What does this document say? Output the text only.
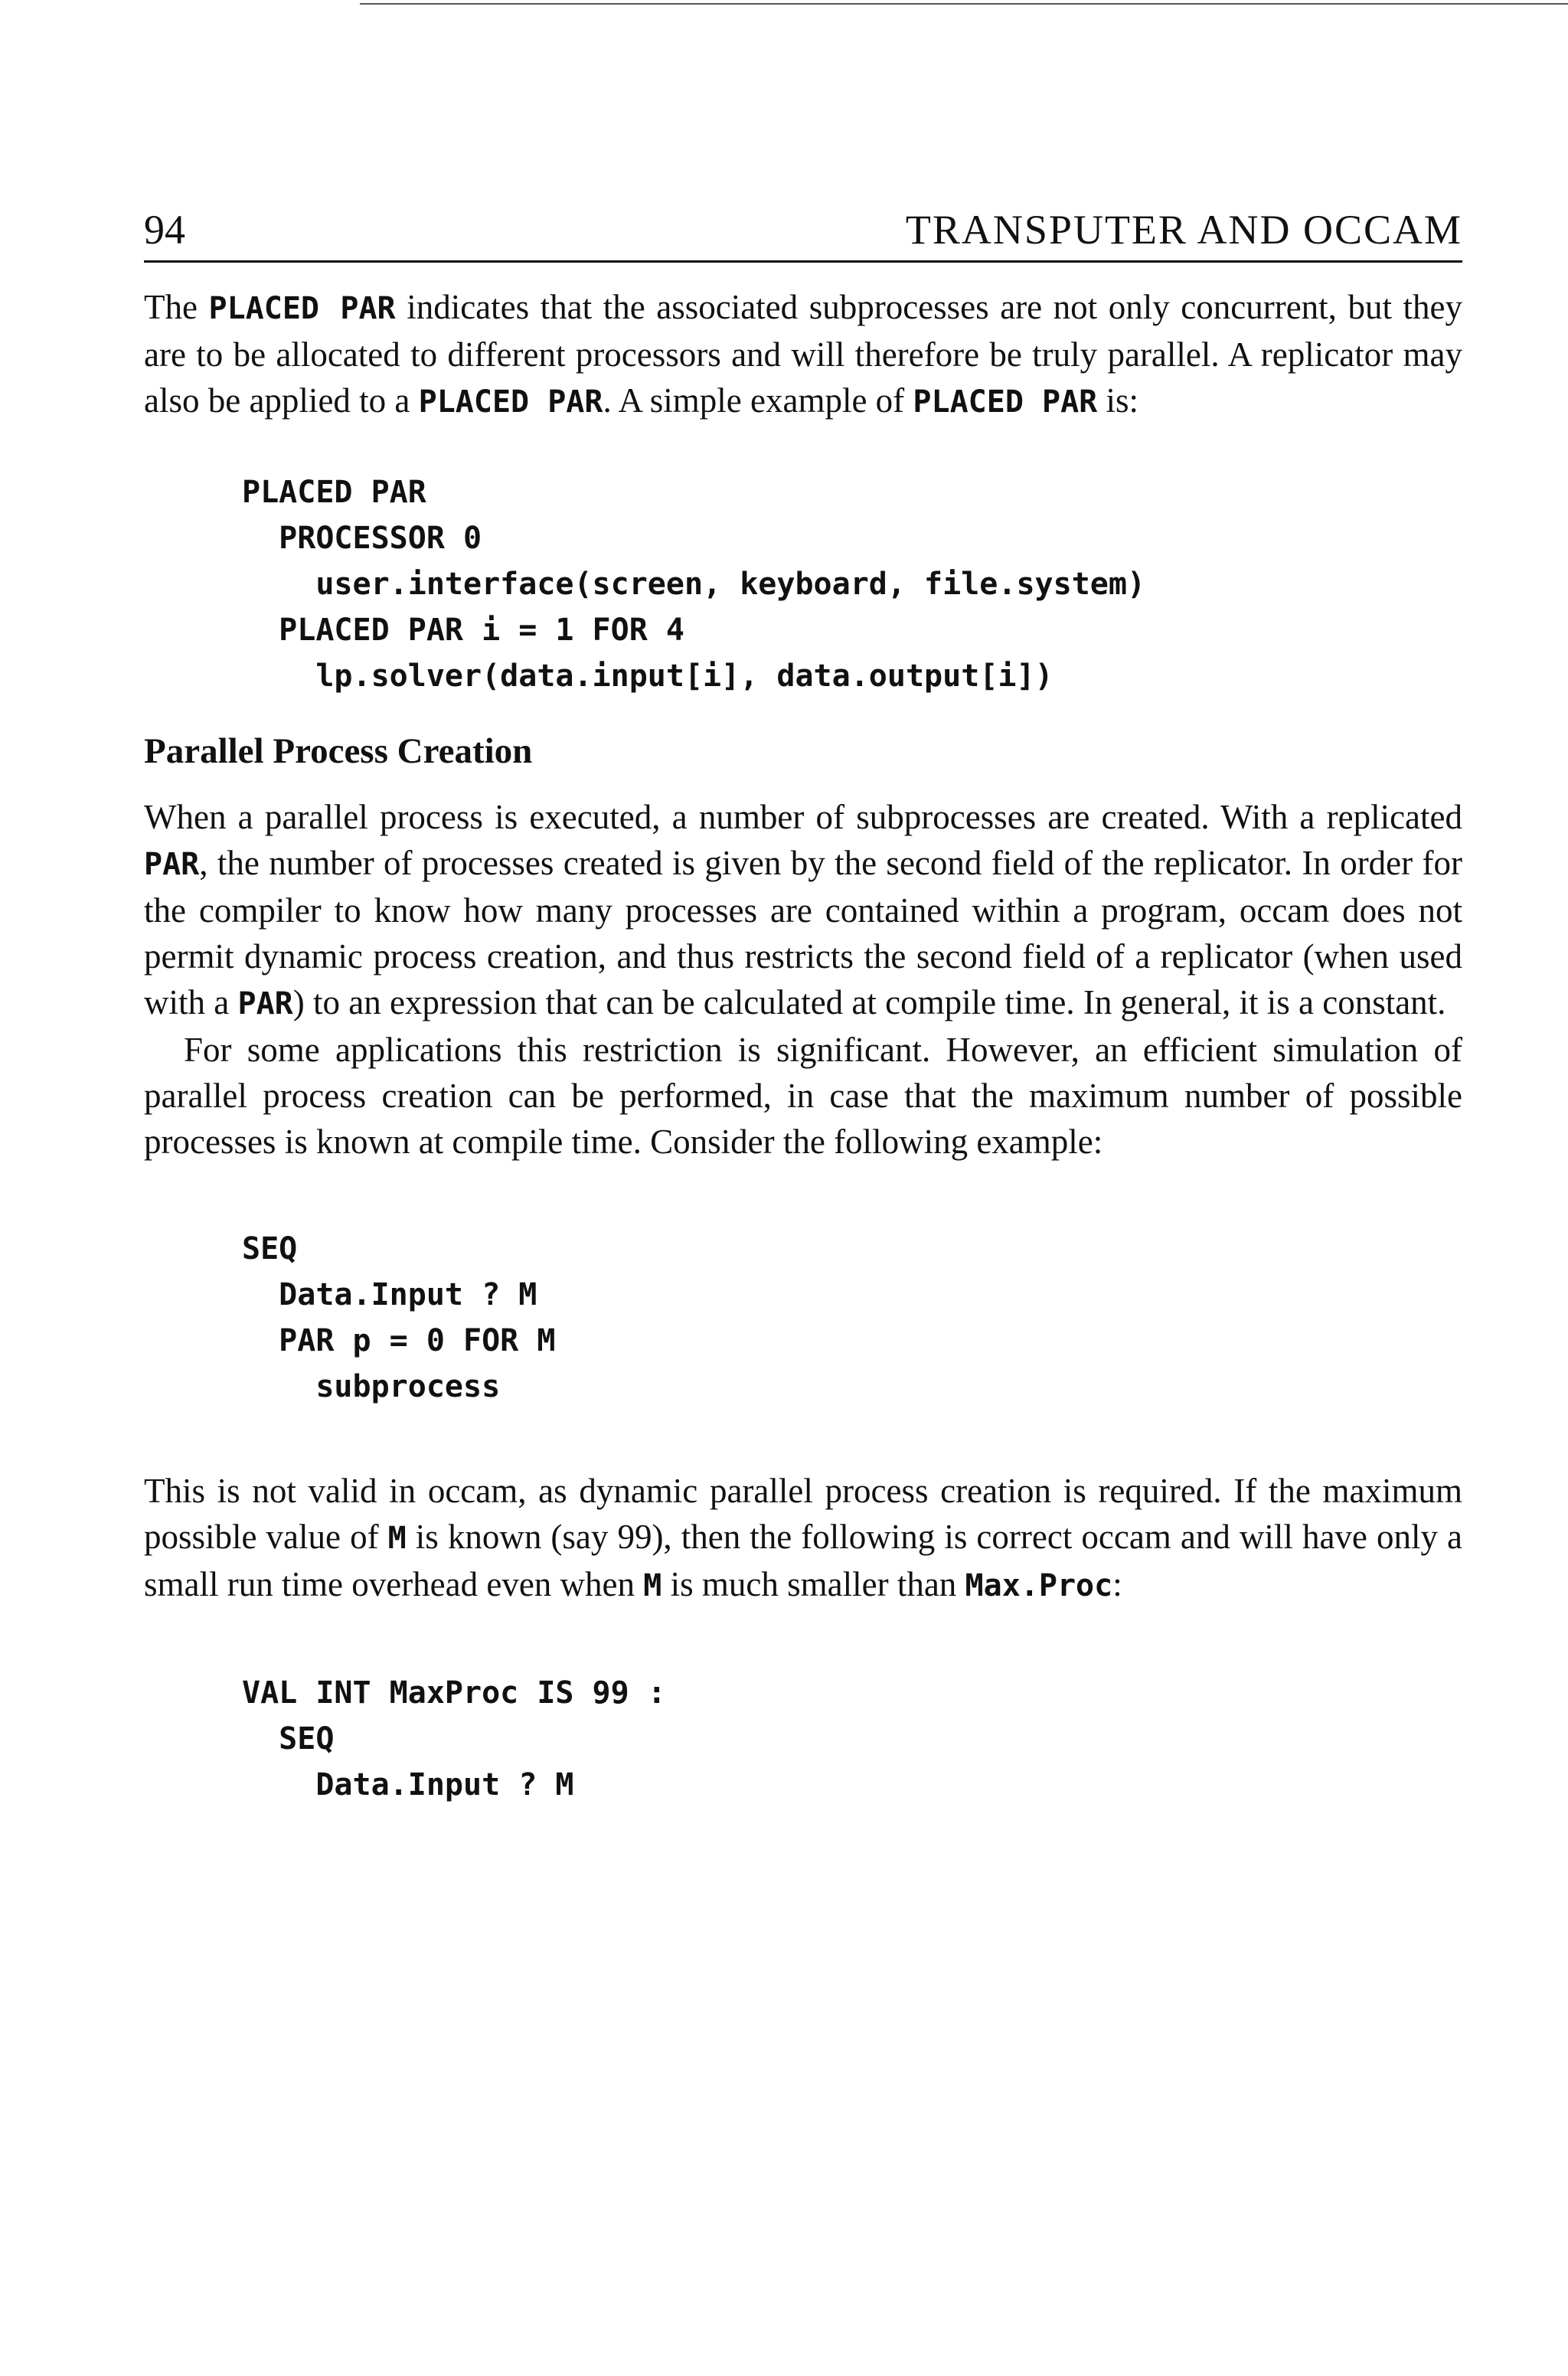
94	TRANSPUTER AND OCCAM

The PLACED PAR indicates that the associated subprocesses are not only concurrent, but they are to be allocated to different processors and will therefore be truly parallel. A replicator may also be applied to a PLACED PAR. A simple example of PLACED PAR is:

PLACED PAR
PROCESSOR 0
user.interface(screen, keyboard, file.system)
PLACED PAR i = 1 FOR 4
lp.solver(data.input[i], data.output[i])
Parallel Process Creation

When a parallel process is executed, a number of subprocesses are created. With a replicated PAR, the number of processes created is given by the second field of the replicator. In order for the compiler to know how many processes are contained within a program, occam does not permit dynamic process creation, and thus restricts the second field of a replicator (when used with a PAR) to an expression that can be calculated at compile time. In general, it is a constant.

For some applications this restriction is significant. However, an efficient simulation of parallel process creation can be performed, in case that the maximum number of possible processes is known at compile time. Consider the following example:

SEQ
Data.Input ? M
PAR p = 0 FOR M
subprocess

This is not valid in occam, as dynamic parallel process creation is required. If the maximum possible value of M is known (say 99), then the following is correct occam and will have only a small run time overhead even when M is much smaller than Max.Proc:

VAL INT MaxProc IS 99 :
SEQ
Data.Input ? M
